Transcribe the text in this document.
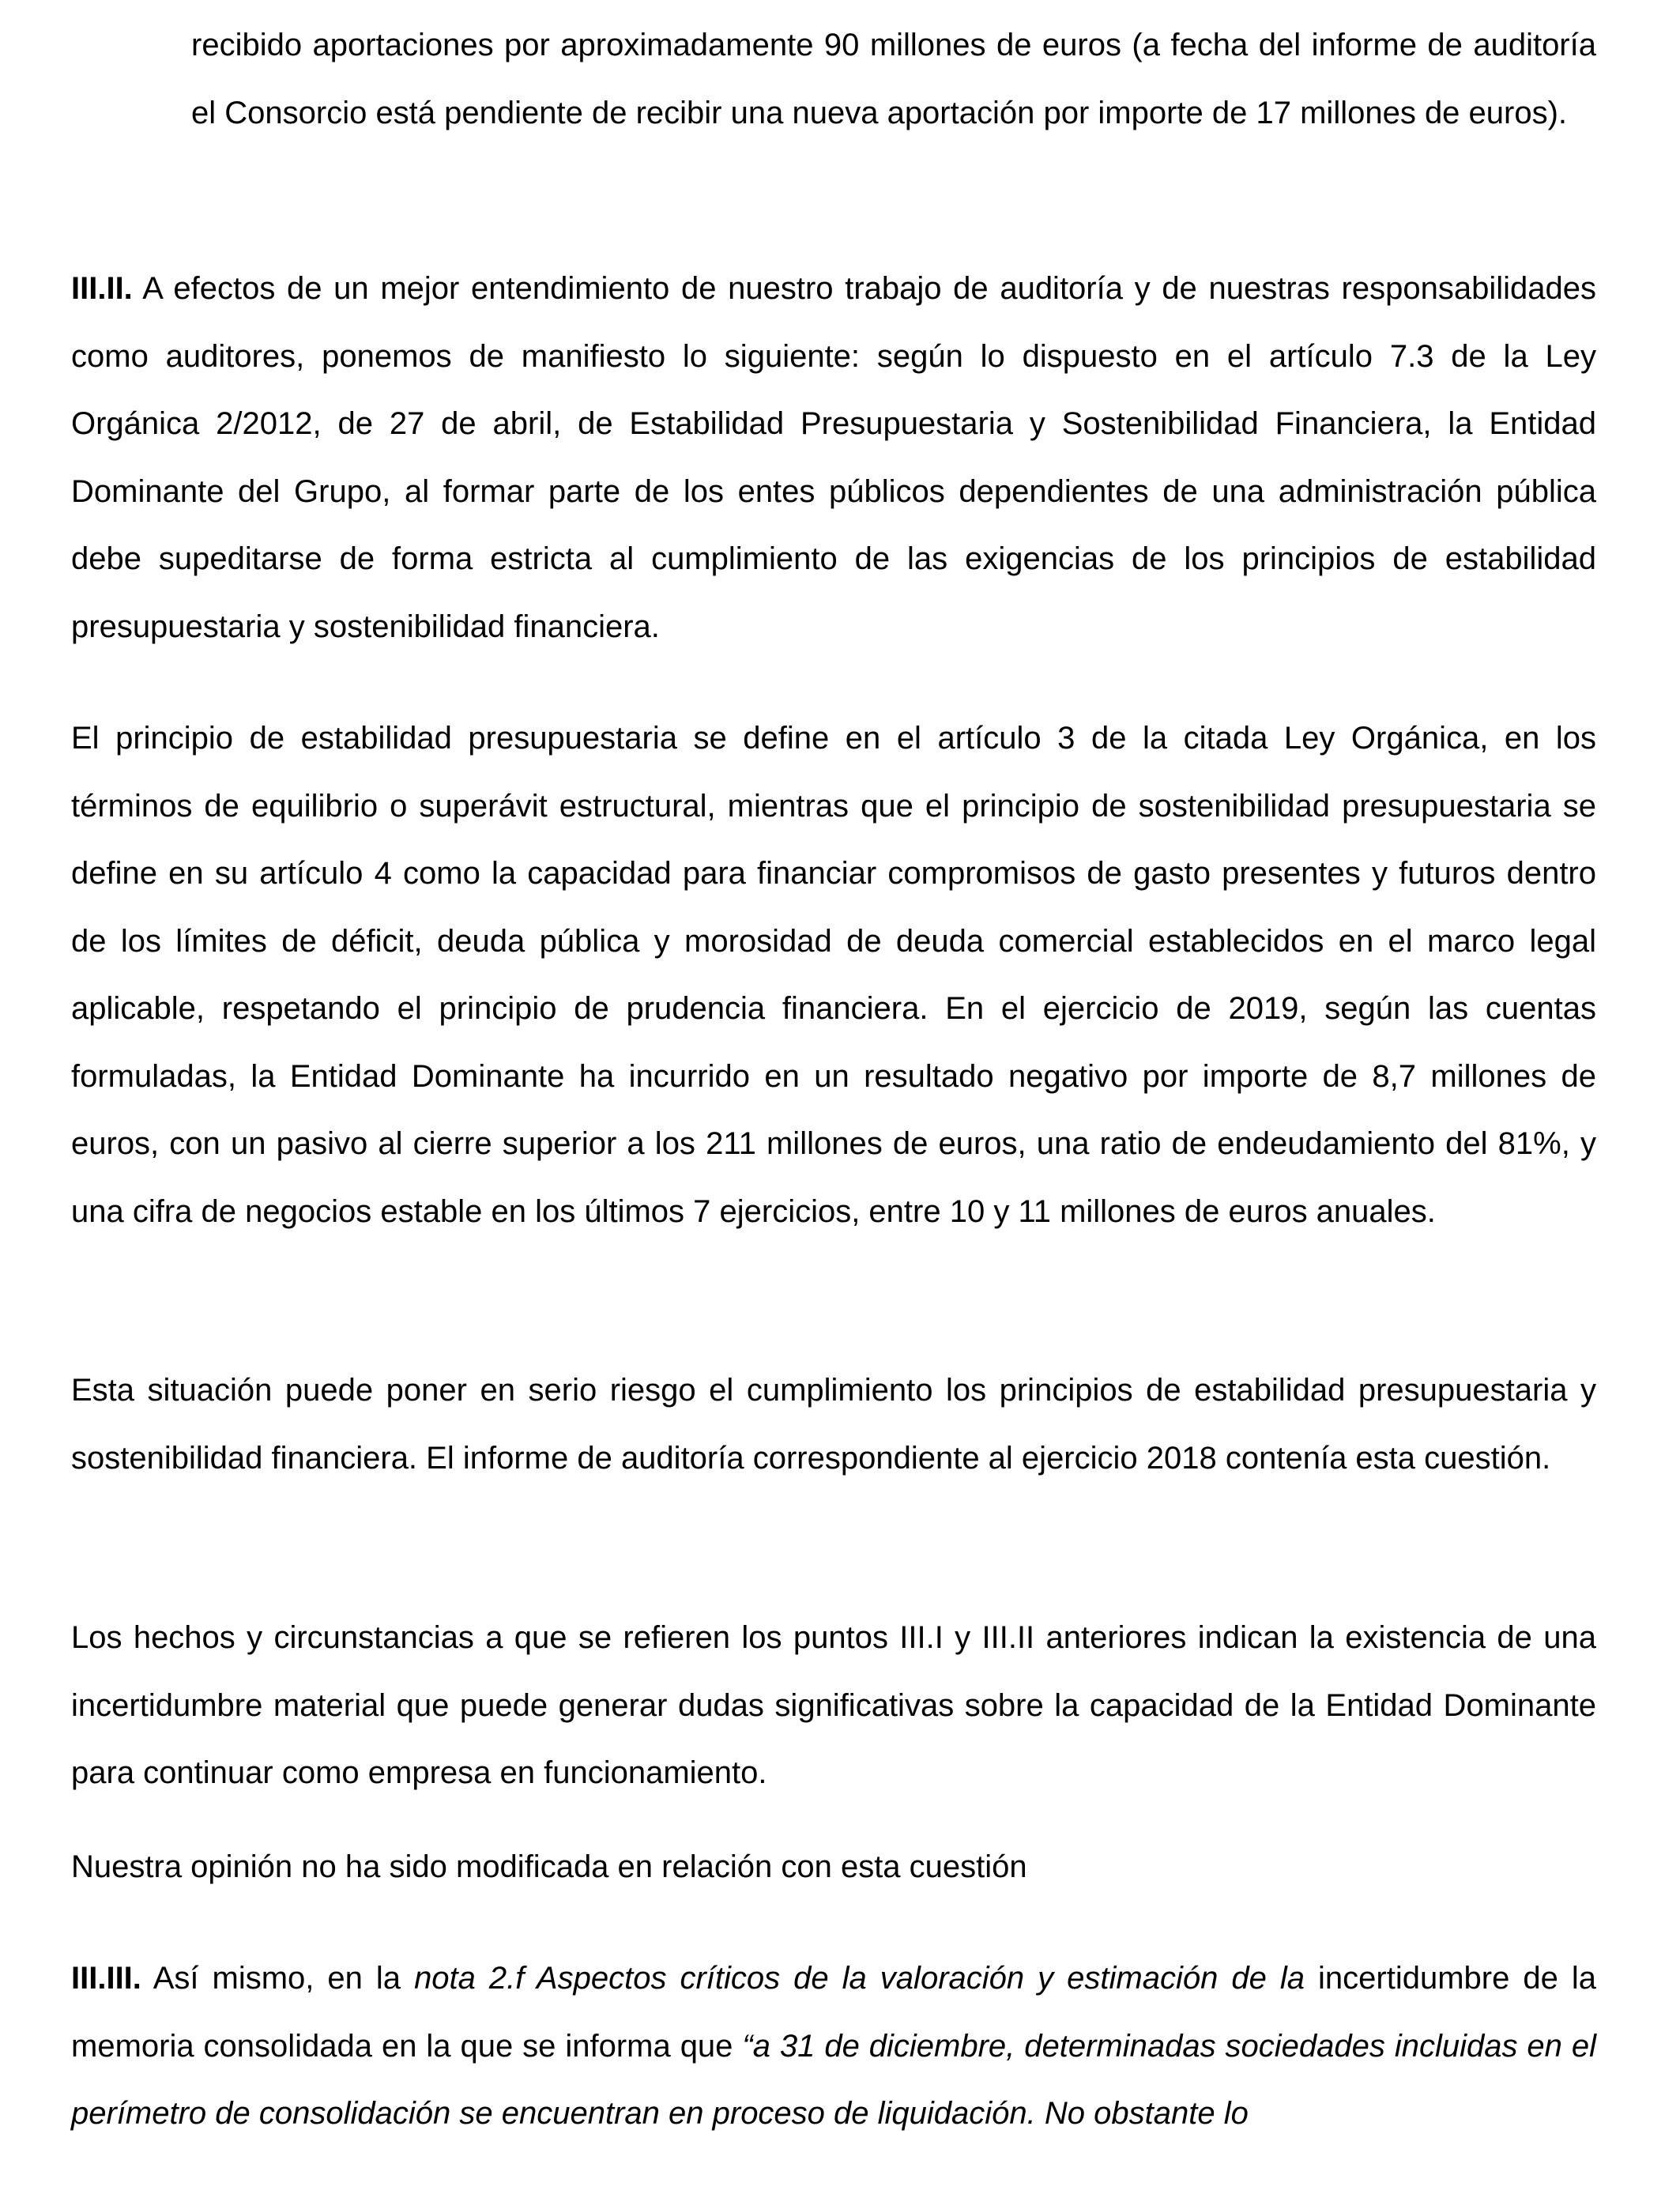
recibido aportaciones por aproximadamente 90 millones de euros (a fecha del informe de auditoría el Consorcio está pendiente de recibir una nueva aportación por importe de 17 millones de euros).

III.II. A efectos de un mejor entendimiento de nuestro trabajo de auditoría y de nuestras responsabilidades como auditores, ponemos de manifiesto lo siguiente: según lo dispuesto en el artículo 7.3 de la Ley Orgánica 2/2012, de 27 de abril, de Estabilidad Presupuestaria y Sostenibilidad Financiera, la Entidad Dominante del Grupo, al formar parte de los entes públicos dependientes de una administración pública debe supeditarse de forma estricta al cumplimiento de las exigencias de los principios de estabilidad presupuestaria y sostenibilidad financiera.

El principio de estabilidad presupuestaria se define en el artículo 3 de la citada Ley Orgánica, en los términos de equilibrio o superávit estructural, mientras que el principio de sostenibilidad presupuestaria se define en su artículo 4 como la capacidad para financiar compromisos de gasto presentes y futuros dentro de los límites de déficit, deuda pública y morosidad de deuda comercial establecidos en el marco legal aplicable, respetando el principio de prudencia financiera. En el ejercicio de 2019, según las cuentas formuladas, la Entidad Dominante ha incurrido en un resultado negativo por importe de 8,7 millones de euros, con un pasivo al cierre superior a los 211 millones de euros, una ratio de endeudamiento del 81%, y una cifra de negocios estable en los últimos 7 ejercicios, entre 10 y 11 millones de euros anuales.

Esta situación puede poner en serio riesgo el cumplimiento los principios de estabilidad presupuestaria y sostenibilidad financiera. El informe de auditoría correspondiente al ejercicio 2018 contenía esta cuestión.

Los hechos y circunstancias a que se refieren los puntos III.I y III.II anteriores indican la existencia de una incertidumbre material que puede generar dudas significativas sobre la capacidad de la Entidad Dominante para continuar como empresa en funcionamiento.

Nuestra opinión no ha sido modificada en relación con esta cuestión

III.III. Así mismo, en la nota 2.f Aspectos críticos de la valoración y estimación de la incertidumbre de la memoria consolidada en la que se informa que “a 31 de diciembre, determinadas sociedades incluidas en el perímetro de consolidación se encuentran en proceso de liquidación. No obstante lo
